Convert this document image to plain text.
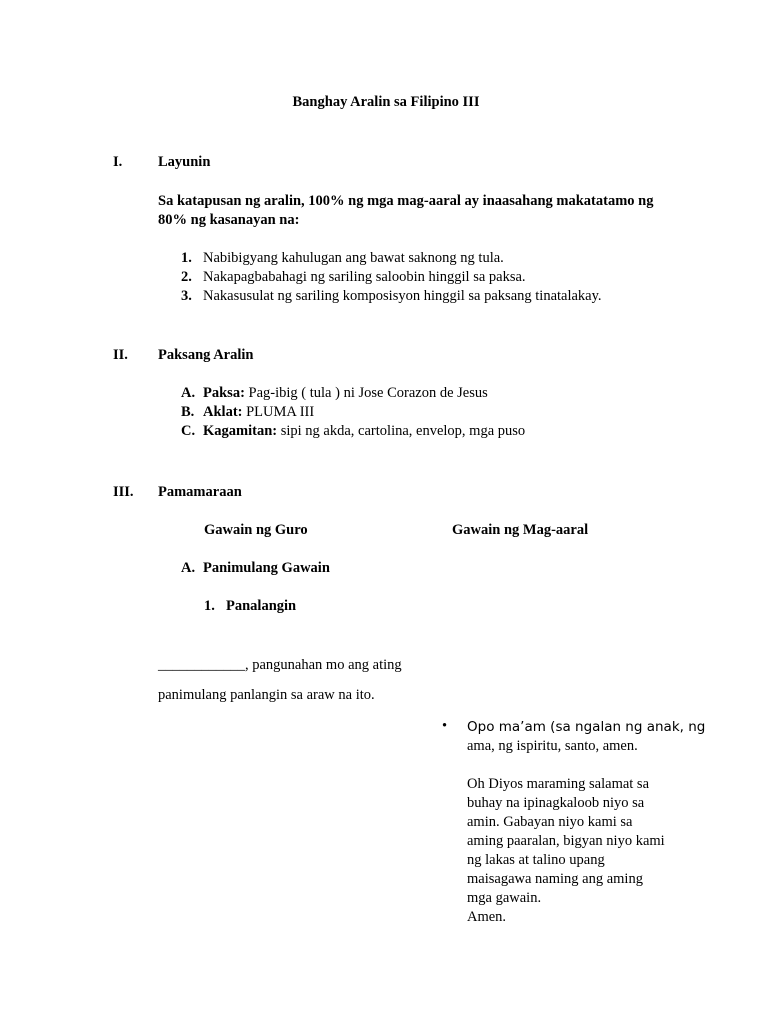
Banghay Aralin sa Filipino III
I. Layunin
Sa katapusan ng aralin, 100% ng mga mag-aaral ay inaasahang makatatamo ng
80% ng kasanayan na:
1. Nabibigyang kahulugan ang bawat saknong ng tula.
2. Nakapagbabahagi ng sariling saloobin hinggil sa paksa.
3. Nakasusulat ng sariling komposisyon hinggil sa paksang tinatalakay.
II. Paksang Aralin
A. Paksa: Pag-ibig ( tula ) ni Jose Corazon de Jesus
B. Aklat: PLUMA III
C. Kagamitan: sipi ng akda, cartolina, envelop, mga puso
III. Pamamaraan
Gawain ng Guro	Gawain ng Mag-aaral
A. Panimulang Gawain
1. Panalangin
____________, pangunahan mo ang ating
panimulang panlangin sa araw na ito.
• Opo ma’am (sa ngalan ng anak, ng
ama, ng ispiritu, santo, amen.
Oh Diyos maraming salamat sa
buhay na ipinagkaloob niyo sa
amin. Gabayan niyo kami sa
aming paaralan, bigyan niyo kami
ng lakas at talino upang
maisagawa naming ang aming
mga gawain.
Amen.
